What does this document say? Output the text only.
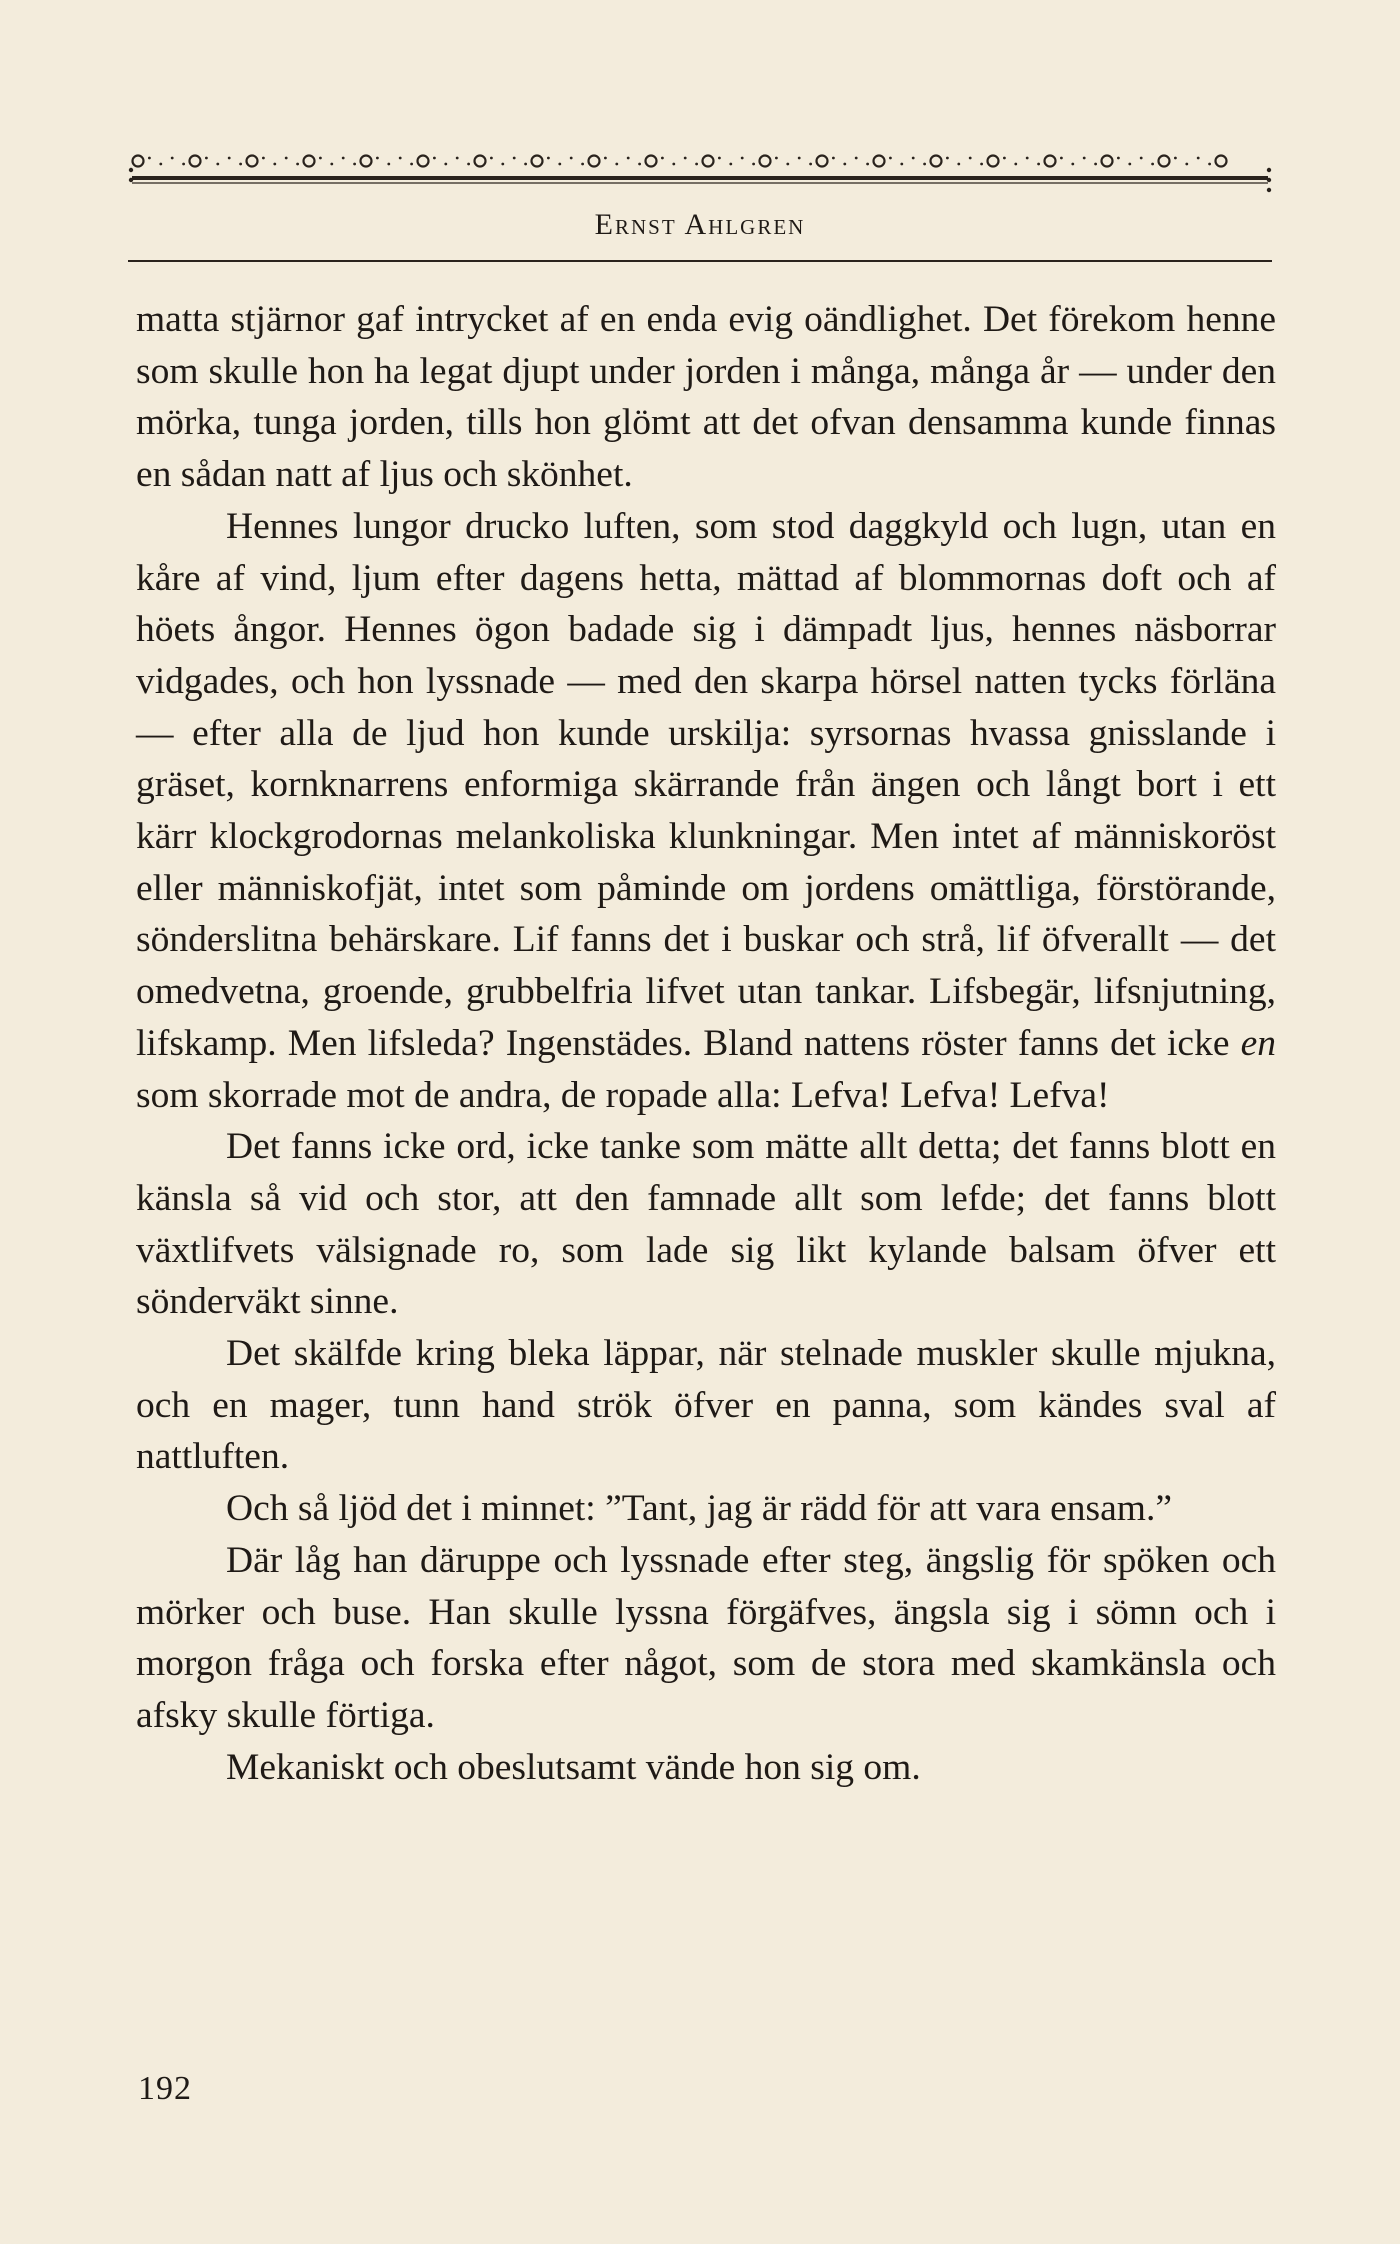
Ernst Ahlgren

matta stjärnor gaf intrycket af en enda evig oändlighet. Det förekom henne som skulle hon ha legat djupt under jorden i många, många år — under den mörka, tunga jorden, tills hon glömt att det ofvan densamma kunde finnas en sådan natt af ljus och skönhet.

Hennes lungor drucko luften, som stod daggkyld och lugn, utan en kåre af vind, ljum efter dagens hetta, mättad af blommornas doft och af höets ångor. Hennes ögon badade sig i dämpadt ljus, hennes näsborrar vidgades, och hon lyssnade — med den skarpa hörsel natten tycks förläna — efter alla de ljud hon kunde urskilja: syrsornas hvassa gnisslande i gräset, kornknarrens enformiga skärrande från ängen och långt bort i ett kärr klockgrodornas melankoliska klunkningar. Men intet af människoröst eller människofjät, intet som påminde om jordens omättliga, förstörande, sönderslitna behärskare. Lif fanns det i buskar och strå, lif öfverallt — det omedvetna, groende, grubbelfria lifvet utan tankar. Lifsbegär, lifsnjutning, lifskamp. Men lifsleda? Ingenstädes. Bland nattens röster fanns det icke en som skorrade mot de andra, de ropade alla: Lefva! Lefva! Lefva!

Det fanns icke ord, icke tanke som mätte allt detta; det fanns blott en känsla så vid och stor, att den famnade allt som lefde; det fanns blott växtlifvets välsignade ro, som lade sig likt kylande balsam öfver ett sönderväkt sinne.

Det skälfde kring bleka läppar, när stelnade muskler skulle mjukna, och en mager, tunn hand strök öfver en panna, som kändes sval af nattluften.

Och så ljöd det i minnet: ”Tant, jag är rädd för att vara ensam.”

Där låg han däruppe och lyssnade efter steg, ängslig för spöken och mörker och buse. Han skulle lyssna förgäfves, ängsla sig i sömn och i morgon fråga och forska efter något, som de stora med skamkänsla och afsky skulle förtiga.

Mekaniskt och obeslutsamt vände hon sig om.

192
